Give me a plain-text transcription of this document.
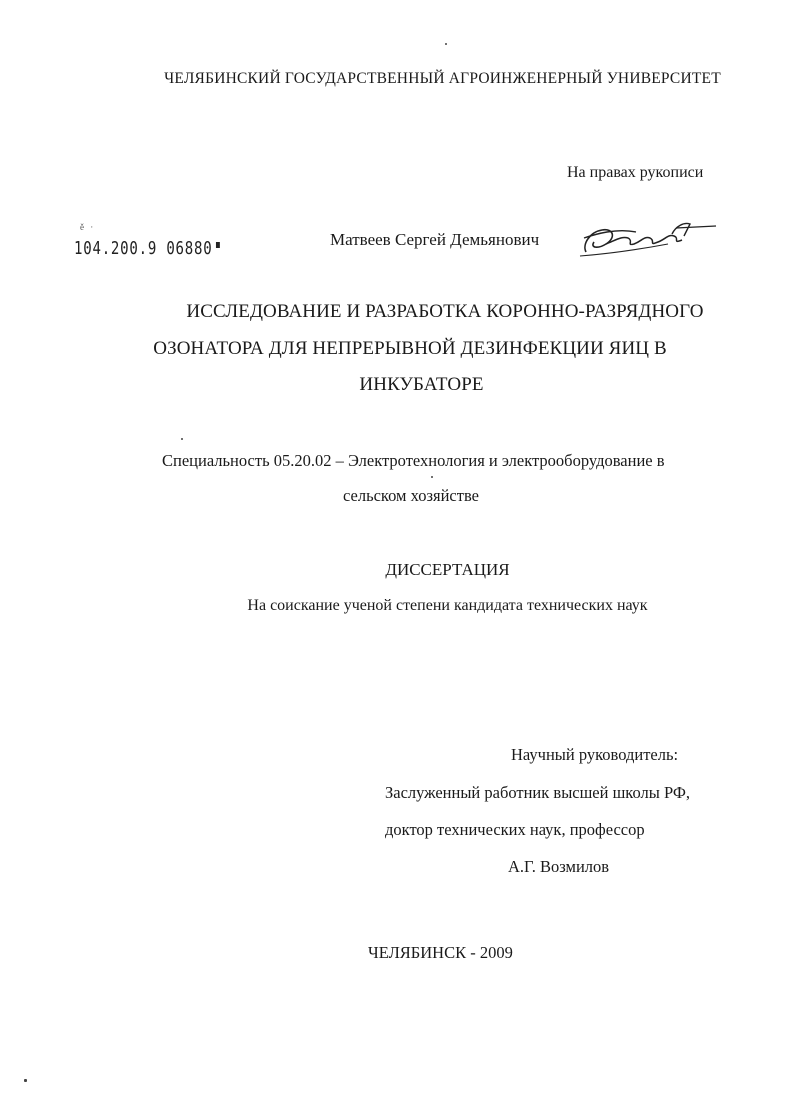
ЧЕЛЯБИНСКИЙ ГОСУДАРСТВЕННЫЙ АГРОИНЖЕНЕРНЫЙ УНИВЕРСИТЕТ
На правах рукописи
ě ·
104.200.9 06880	Матвеев Сергей Демьянович
ИССЛЕДОВАНИЕ И РАЗРАБОТКА КОРОННО-РАЗРЯДНОГО
ОЗОНАТОРА ДЛЯ НЕПРЕРЫВНОЙ ДЕЗИНФЕКЦИИ ЯИЦ В
ИНКУБАТОРЕ
Специальность 05.20.02 – Электротехнология и электрооборудование в
сельском хозяйстве
ДИССЕРТАЦИЯ
На соискание ученой степени кандидата технических наук
Научный руководитель:
Заслуженный работник высшей школы РФ,
доктор технических наук, профессор
А.Г. Возмилов
ЧЕЛЯБИНСК - 2009
